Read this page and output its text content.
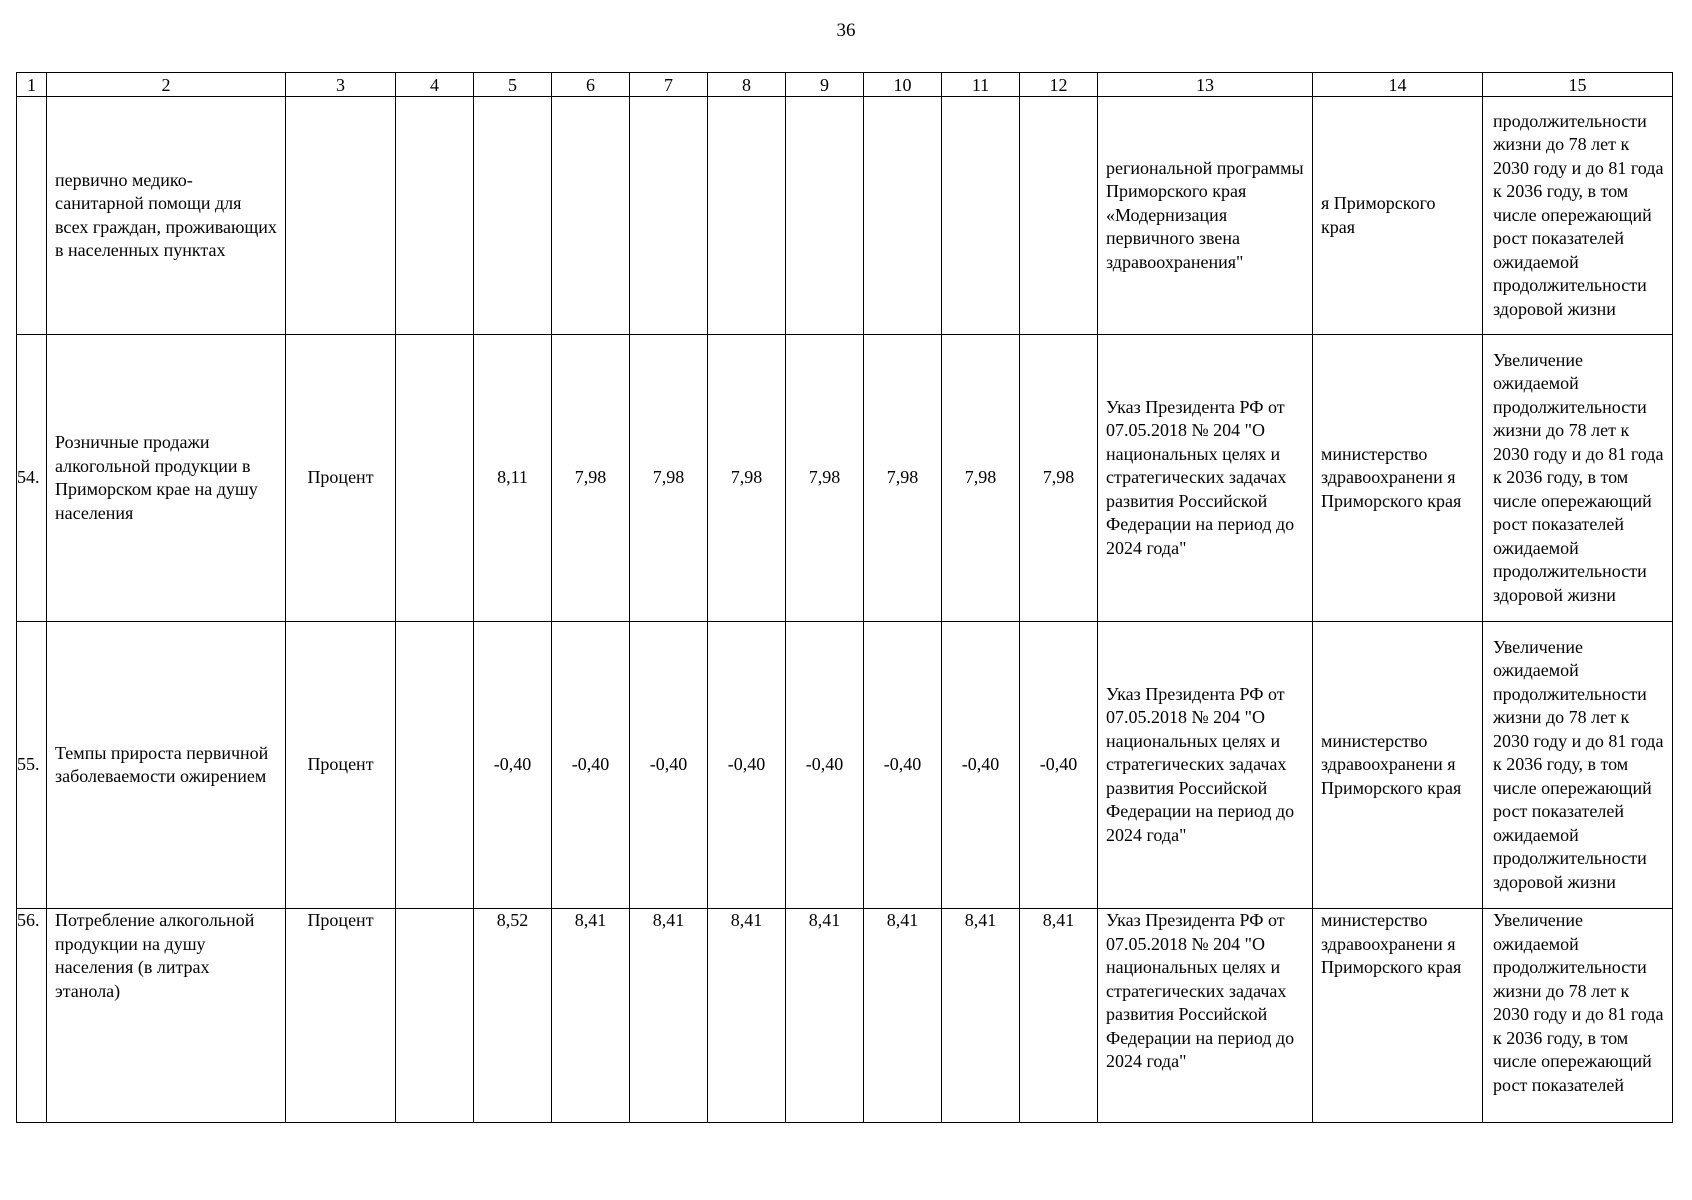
36
1	2	3	4	5	6	7	8	9	10	11	12	13	14	15
	первично медико-санитарной помощи для всех граждан, проживающих в населенных пунктах											региональной программы Приморского края «Модернизация первичного звена здравоохранения"	я Приморского края	продолжительности жизни до 78 лет к 2030 году и до 81 года к 2036 году, в том числе опережающий рост показателей ожидаемой продолжительности здоровой жизни
54.	Розничные продажи алкогольной продукции в Приморском крае на душу населения	Процент		8,11	7,98	7,98	7,98	7,98	7,98	7,98	7,98	Указ Президента РФ от 07.05.2018 № 204 "О национальных целях и стратегических задачах развития Российской Федерации на период до 2024 года"	министерство здравоохранени я Приморского края	Увеличение ожидаемой продолжительности жизни до 78 лет к 2030 году и до 81 года к 2036 году, в том числе опережающий рост показателей ожидаемой продолжительности здоровой жизни
55.	Темпы прироста первичной заболеваемости ожирением	Процент		-0,40	-0,40	-0,40	-0,40	-0,40	-0,40	-0,40	-0,40	Указ Президента РФ от 07.05.2018 № 204 "О национальных целях и стратегических задачах развития Российской Федерации на период до 2024 года"	министерство здравоохранени я Приморского края	Увеличение ожидаемой продолжительности жизни до 78 лет к 2030 году и до 81 года к 2036 году, в том числе опережающий рост показателей ожидаемой продолжительности здоровой жизни
56.	Потребление алкогольной продукции на душу населения (в литрах этанола)	Процент		8,52	8,41	8,41	8,41	8,41	8,41	8,41	8,41	Указ Президента РФ от 07.05.2018 № 204 "О национальных целях и стратегических задачах развития Российской Федерации на период до 2024 года"	министерство здравоохранени я Приморского края	Увеличение ожидаемой продолжительности жизни до 78 лет к 2030 году и до 81 года к 2036 году, в том числе опережающий рост показателей
